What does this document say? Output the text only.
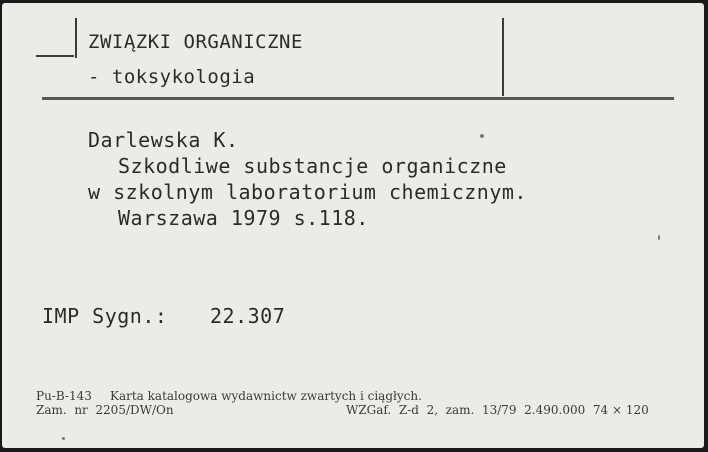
ZWIĄZKI ORGANICZNE
- toksykologia
Darlewska K.
Szkodliwe substancje organiczne
w szkolnym laboratorium chemicznym.
Warszawa 1979 s.118.
IMP Sygn.: 22.307
Pu-B-143 Karta katalogowa wydawnictw zwartych i ciągłych.
Zam.  nr  2205/DW/On	WZGaf.  Z-d  2,  zam.  13/79  2.490.000  74 × 120
